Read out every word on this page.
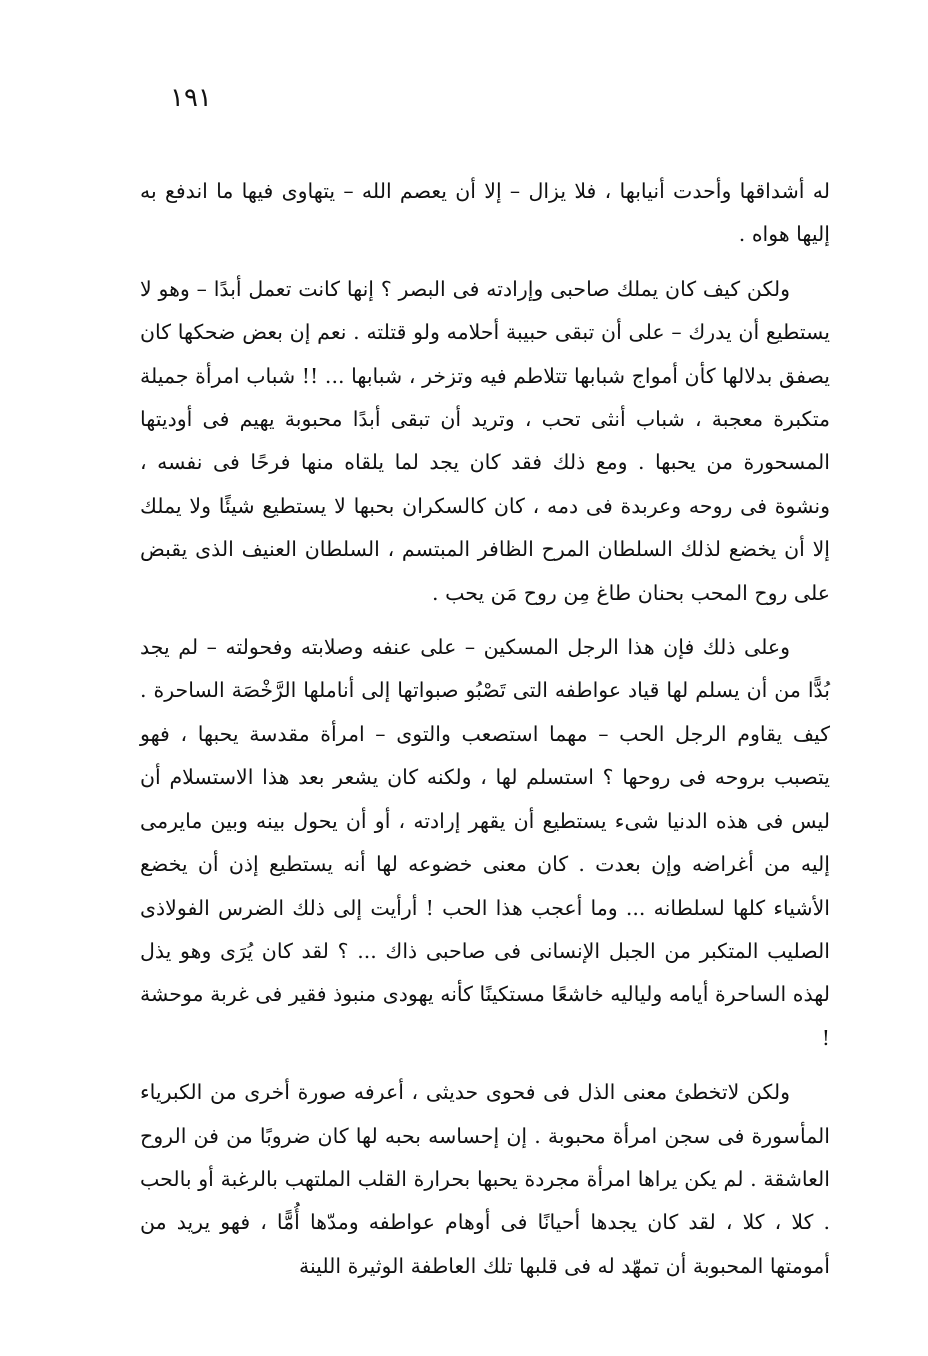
١٩١

له أشداقها وأحدت أنيابها ، فلا يزال – إلا أن يعصم الله – يتهاوى فيها ما اندفع به إليها هواه .

ولكن كيف كان يملك صاحبى وإرادته فى البصر ؟ إنها كانت تعمل أبدًا – وهو لا يستطيع أن يدرك – على أن تبقى حبيبة أحلامه ولو قتلته . نعم إن بعض ضحكها كان يصفق بدلالها كأن أمواج شبابها تتلاطم فيه وتزخر ، شبابها ... !! شباب امرأة جميلة متكبرة معجبة ، شباب أنثى تحب ، وتريد أن تبقى أبدًا محبوبة يهيم فى أوديتها المسحورة من يحبها . ومع ذلك فقد كان يجد لما يلقاه منها فرحًا فى نفسه ، ونشوة فى روحه وعربدة فى دمه ، كان كالسكران بحبها لا يستطيع شيئًا ولا يملك إلا أن يخضع لذلك السلطان المرح الظافر المبتسم ، السلطان العنيف الذى يقبض على روح المحب بحنان طاغ مِن روح مَن يحب .

وعلى ذلك فإن هذا الرجل المسكين – على عنفه وصلابته وفحولته – لم يجد بُدًّا من أن يسلم لها قياد عواطفه التى تَصْبُو صبواتها إلى أناملها الرَّخْصَة الساحرة . كيف يقاوم الرجل الحب – مهما استصعب والتوى – امرأة مقدسة يحبها ، فهو يتصبب بروحه فى روحها ؟ استسلم لها ، ولكنه كان يشعر بعد هذا الاستسلام أن ليس فى هذه الدنيا شىء يستطيع أن يقهر إرادته ، أو أن يحول بينه وبين مايرمى إليه من أغراضه وإن بعدت . كان معنى خضوعه لها أنه يستطيع إذن أن يخضع الأشياء كلها لسلطانه ... وما أعجب هذا الحب ! أرأيت إلى ذلك الضرس الفولاذى الصليب المتكبر من الجبل الإنسانى فى صاحبى ذاك ... ؟ لقد كان يُرَى وهو يذل لهذه الساحرة أيامه ولياليه خاشعًا مستكينًا كأنه يهودى منبوذ فقير فى غربة موحشة !

ولكن لاتخطئ معنى الذل فى فحوى حديثى ، أعرفه صورة أخرى من الكبرياء المأسورة فى سجن امرأة محبوبة . إن إحساسه بحبه لها كان ضروبًا من فن الروح العاشقة . لم يكن يراها امرأة مجردة يحبها بحرارة القلب الملتهب بالرغبة أو بالحب . كلا ، كلا ، لقد كان يجدها أحيانًا فى أوهام عواطفه ومدّها أُمًّا ، فهو يريد من أمومتها المحبوبة أن تمهّد له فى قلبها تلك العاطفة الوثيرة اللينة
